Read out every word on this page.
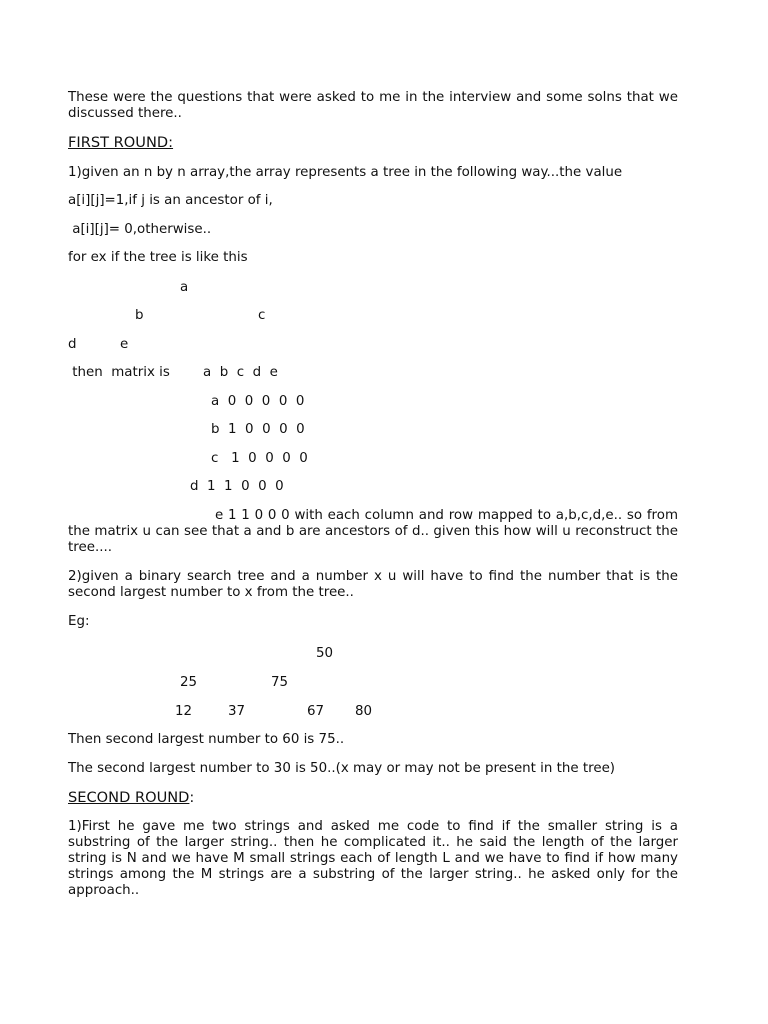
These were the questions that were asked to me in the interview and some solns that we discussed there..

FIRST ROUND:

1)given an n by n array,the array represents a tree in the following way...the value

a[i][j]=1,if j is an ancestor of i,

a[i][j]= 0,otherwise..

for ex if the tree is like this

a

b	c

d	e

then  matrix is a  b  c  d  e

a  0  0  0  0  0

b  1  0  0  0  0

c   1  0  0  0  0

d  1  1  0  0  0

e 1 1 0 0 0 with each column and row mapped to a,b,c,d,e.. so from the matrix u can see that a and b are ancestors of d.. given this how will u reconstruct the tree....

2)given a binary search tree and a number x u will have to find the number that is the second largest number to x from the tree..

Eg:

50

25	75

12	37	67 80

Then second largest number to 60 is 75..

The second largest number to 30 is 50..(x may or may not be present in the tree)

SECOND ROUND:

1)First he gave me two strings and asked me code to find if the smaller string is a substring of the larger string.. then he complicated it.. he said the length of the larger string is N and we have M small strings each of length L and we have to find if how many strings among the M strings are a substring of the larger string.. he asked only for the approach..
